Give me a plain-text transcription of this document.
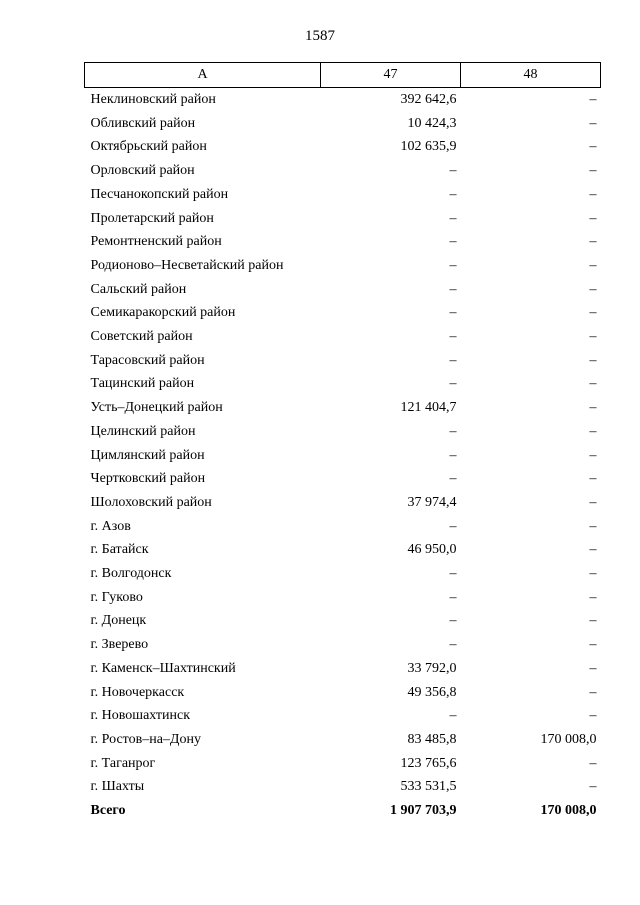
1587
А	47	48
Неклиновский район	392 642,6	–
Обливский район	10 424,3	–
Октябрьский район	102 635,9	–
Орловский район	–	–
Песчанокопский район	–	–
Пролетарский район	–	–
Ремонтненский район	–	–
Родионово–Несветайский район	–	–
Сальский район	–	–
Семикаракорский район	–	–
Советский район	–	–
Тарасовский район	–	–
Тацинский район	–	–
Усть–Донецкий район	121 404,7	–
Целинский район	–	–
Цимлянский район	–	–
Чертковский район	–	–
Шолоховский район	37 974,4	–
г. Азов	–	–
г. Батайск	46 950,0	–
г. Волгодонск	–	–
г. Гуково	–	–
г. Донецк	–	–
г. Зверево	–	–
г. Каменск–Шахтинский	33 792,0	–
г. Новочеркасск	49 356,8	–
г. Новошахтинск	–	–
г. Ростов–на–Дону	83 485,8	170 008,0
г. Таганрог	123 765,6	–
г. Шахты	533 531,5	–
Всего	1 907 703,9	170 008,0
